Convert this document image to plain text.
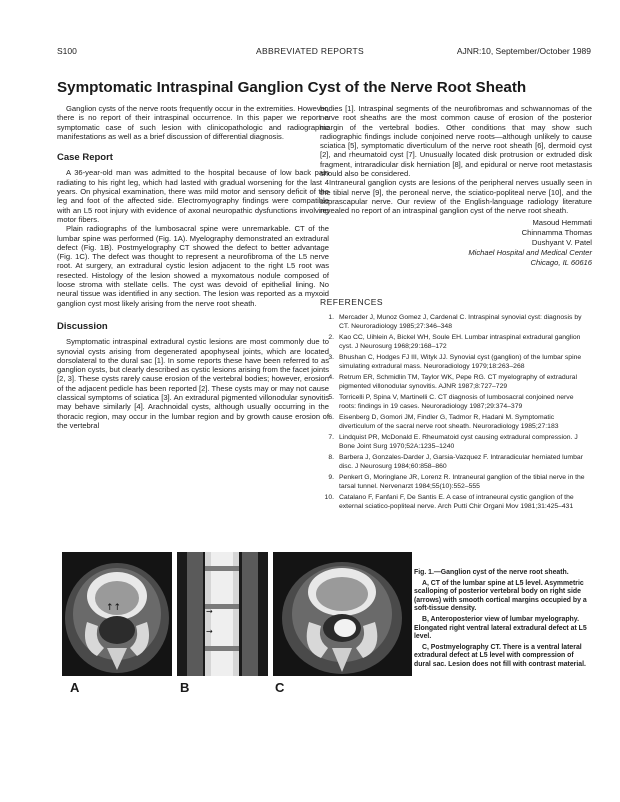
S100	ABBREVIATED REPORTS	AJNR:10, September/October 1989
Symptomatic Intraspinal Ganglion Cyst of the Nerve Root Sheath

Ganglion cysts of the nerve roots frequently occur in the extremities. However, there is no report of their intraspinal occurrence. In this paper we report a symptomatic case of such lesion with clinicopathologic and radiographic manifestations as well as a brief discussion of differential diagnosis.

Case Report

A 36-year-old man was admitted to the hospital because of low back pain radiating to his right leg, which had lasted with gradual worsening for the last 4 years. On physical examination, there was mild motor and sensory deficit of the leg and foot of the affected side. Electromyography findings were compatible with an L5 root injury with evidence of axonal neuropathic dysfunctions involving motor fibers.

Plain radiographs of the lumbosacral spine were unremarkable. CT of the lumbar spine was performed (Fig. 1A). Myelography demonstrated an extradural defect (Fig. 1B). Postmyelography CT showed the defect to better advantage (Fig. 1C). The defect was thought to represent a neurofibroma of the L5 nerve root. At surgery, an extradural cystic lesion adjacent to the right L5 root was resected. Histology of the lesion showed a myxomatous nodule composed of loose stroma with stellate cells. The cyst was devoid of epithelial lining. No neural tissue was identified in any section. The lesion was reported as a myxoid ganglion cyst most likely arising from the nerve root sheath.

Discussion

Symptomatic intraspinal extradural cystic lesions are most commonly due to synovial cysts arising from degenerated apophyseal joints, which are located dorsolateral to the dural sac [1]. In some reports these have been referred to as ganglion cysts, but clearly described as cystic lesions arising from the facet joints [2, 3]. These cysts rarely cause erosion of the vertebral bodies; however, erosion of the adjacent pedicle has been reported [2]. These cysts may or may not cause classical symptoms of sciatica [3]. An extradural pigmented villonodular synovitis may behave similarly [4]. Arachnoidal cysts, although usually occurring in the thoracic region, may occur in the lumbar region and by growth cause erosion of the vertebral

bodies [1]. Intraspinal segments of the neurofibromas and schwannomas of the nerve root sheaths are the most common cause of erosion of the posterior margin of the vertebral bodies. Other conditions that may show such radiographic findings include conjoined nerve roots—although unlikely to cause sciatica [5], symptomatic diverticulum of the nerve root sheath [6], dermoid cyst [2], and rheumatoid cyst [7]. Unusually located disk protrusion or extruded disk fragment, intraradicular disk herniation [8], and epidural or nerve root metastasis should also be considered.

Intraneural ganglion cysts are lesions of the peripheral nerves usually seen in the tibial nerve [9], the peroneal nerve, the sciatico-popliteal nerve [10], and the suprascapular nerve. Our review of the English-language radiology literature revealed no report of an intraspinal ganglion cyst of the nerve root sheath.

Masoud Hemmati
Chinnamma Thomas
Dushyant V. Patel
Michael Hospital and Medical Center
Chicago, IL 60616
REFERENCES
1. Mercader J, Munoz Gomez J, Cardenal C. Intraspinal synovial cyst: diagnosis by CT. Neuroradiology 1985;27:346–348
2. Kao CC, Uihlein A, Bickel WH, Soule EH. Lumbar intraspinal extradural ganglion cyst. J Neurosurg 1968;29:168–172
3. Bhushan C, Hodges FJ III, Wityk JJ. Synovial cyst (ganglion) of the lumbar spine simulating extradural mass. Neuroradiology 1979;18:263–268
4. Retrum ER, Schmidlin TM, Taylor WK, Pepe RG. CT myelography of extradural pigmented villonodular synovitis. AJNR 1987;8:727–729
5. Torricelli P, Spina V, Martinelli C. CT diagnosis of lumbosacral conjoined nerve roots: findings in 19 cases. Neuroradiology 1987;29:374–379
6. Eisenberg D, Gomori JM, Findler G, Tadmor R, Hadani M. Symptomatic diverticulum of the sacral nerve root sheath. Neuroradiology 1985;27:183
7. Lindquist PR, McDonald E. Rheumatoid cyst causing extradural compression. J Bone Joint Surg 1970;52A:1235–1240
8. Barbera J, Gonzales-Darder J, Garsia-Vazquez F. Intraradicular herniated lumbar disc. J Neurosurg 1984;60:858–860
9. Penkert G, Moringlane JR, Lorenz R. Intraneural ganglion of the tibial nerve in the tarsal tunnel. Nervenarzt 1984;55(10):552–555
10. Catalano F, Fanfani F, De Santis E. A case of intraneural cystic ganglion of the external sciatico-popliteal nerve. Arch Putti Chir Organi Mov 1981;31:425–431
↑↑	→
→
A	B	C

Fig. 1.—Ganglion cyst of the nerve root sheath.

A, CT of the lumbar spine at L5 level. Asymmetric scalloping of posterior vertebral body on right side (arrows) with smooth cortical margins occupied by a soft-tissue density.

B, Anteroposterior view of lumbar myelography. Elongated right ventral lateral extradural defect at L5 level.

C, Postmyelography CT. There is a ventral lateral extradural defect at L5 level with compression of dural sac. Lesion does not fill with contrast material.
